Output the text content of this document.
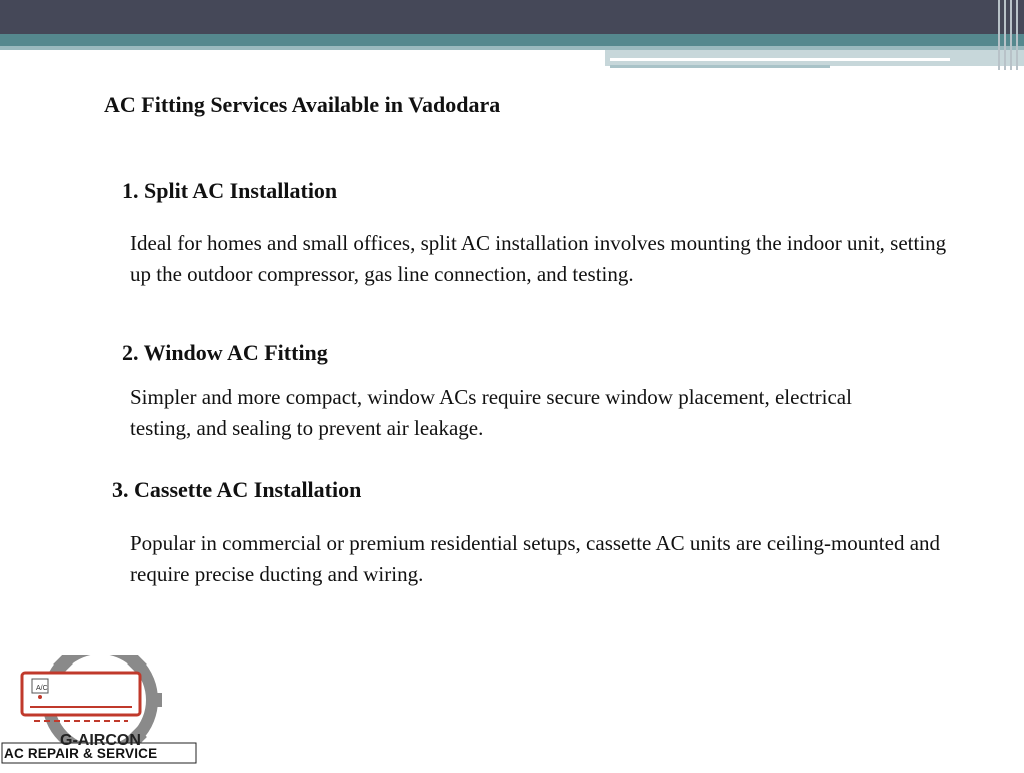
AC Fitting Services Available in Vadodara
1. Split AC Installation

Ideal for homes and small offices, split AC installation involves mounting the indoor unit, setting up the outdoor compressor, gas line connection, and testing.

2. Window AC Fitting

Simpler and more compact, window ACs require secure window placement, electrical testing, and sealing to prevent air leakage.

3. Cassette AC Installation

Popular in commercial or premium residential setups, cassette AC units are ceiling-mounted and require precise ducting and wiring.

A/C
G-AIRCON
AC REPAIR & SERVICE
